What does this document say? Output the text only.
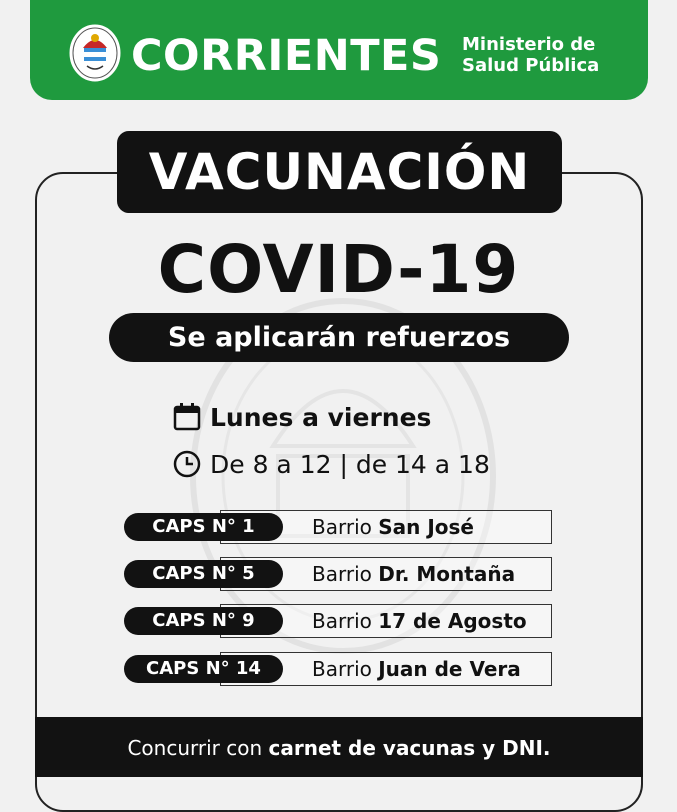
CORRIENTES Ministerio de
Salud Pública
VACUNACIÓN
COVID-19
Se aplicarán refuerzos
Lunes a viernes
De 8 a 12 | de 14 a 18
CAPS N° 1	Barrio San José
CAPS N° 5	Barrio Dr. Montaña
CAPS N° 9	Barrio 17 de Agosto
CAPS N° 14	Barrio Juan de Vera
Concurrir con carnet de vacunas y DNI.
